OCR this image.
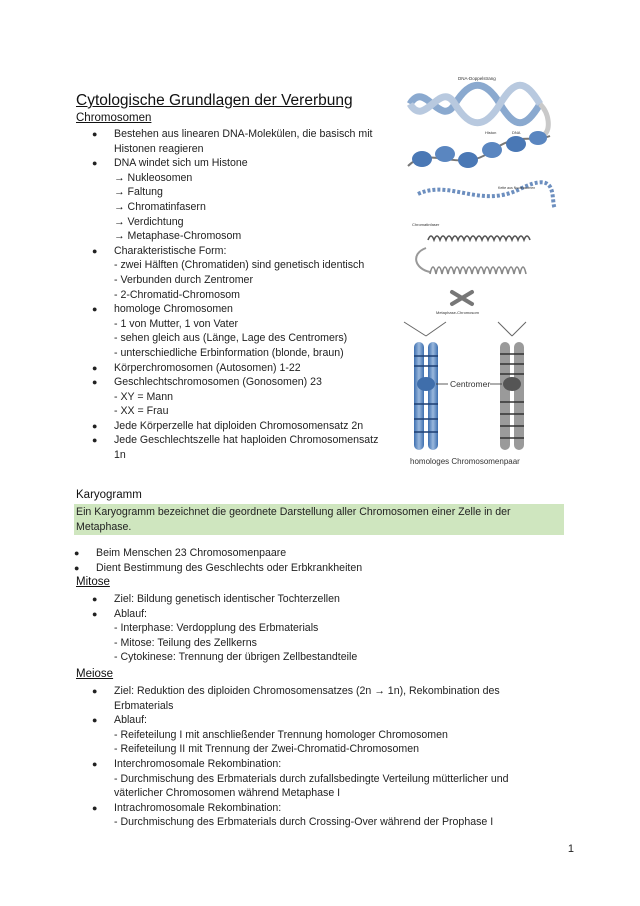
Cytologische Grundlagen der Vererbung
Chromosomen
● Bestehen aus linearen DNA-Molekülen, die basisch mit
Histonen reagieren
● DNA windet sich um Histone
→ Nukleosomen
→ Faltung
→ Chromatinfasern
→ Verdichtung
→ Metaphase-Chromosom
● Charakteristische Form:
- zwei Hälften (Chromatiden) sind genetisch identisch
- Verbunden durch Zentromer
- 2-Chromatid-Chromosom
● homologe Chromosomen
- 1 von Mutter, 1 von Vater
- sehen gleich aus (Länge, Lage des Centromers)
- unterschiedliche Erbinformation (blonde, braun)
● Körperchromosomen (Autosomen) 1-22
● Geschlechtschromosomen (Gonosomen) 23
- XY = Mann
- XX = Frau
● Jede Körperzelle hat diploiden Chromosomensatz 2n
● Jede Geschlechtszelle hat haploiden Chromosomensatz
1n
DNA-Doppelstrang
Histon	DNA
Kette aus Nucleosomen
Chromatinfaser
Metaphase-Chromosom
Centromer
homologes Chromosomenpaar
Karyogramm
Ein Karyogramm bezeichnet die geordnete Darstellung aller Chromosomen einer Zelle in der
Metaphase.
● Beim Menschen 23 Chromosomenpaare
● Dient Bestimmung des Geschlechts oder Erbkrankheiten
Mitose
● Ziel: Bildung genetisch identischer Tochterzellen
● Ablauf:
- Interphase: Verdopplung des Erbmaterials
- Mitose: Teilung des Zellkerns
- Cytokinese: Trennung der übrigen Zellbestandteile
Meiose
● Ziel: Reduktion des diploiden Chromosomensatzes (2n → 1n), Rekombination des
Erbmaterials
● Ablauf:
- Reifeteilung I mit anschließender Trennung homologer Chromosomen
- Reifeteilung II mit Trennung der Zwei-Chromatid-Chromosomen
● Interchromosomale Rekombination:
- Durchmischung des Erbmaterials durch zufallsbedingte Verteilung mütterlicher und
väterlicher Chromosomen während Metaphase I
● Intrachromosomale Rekombination:
- Durchmischung des Erbmaterials durch Crossing-Over während der Prophase I
1
